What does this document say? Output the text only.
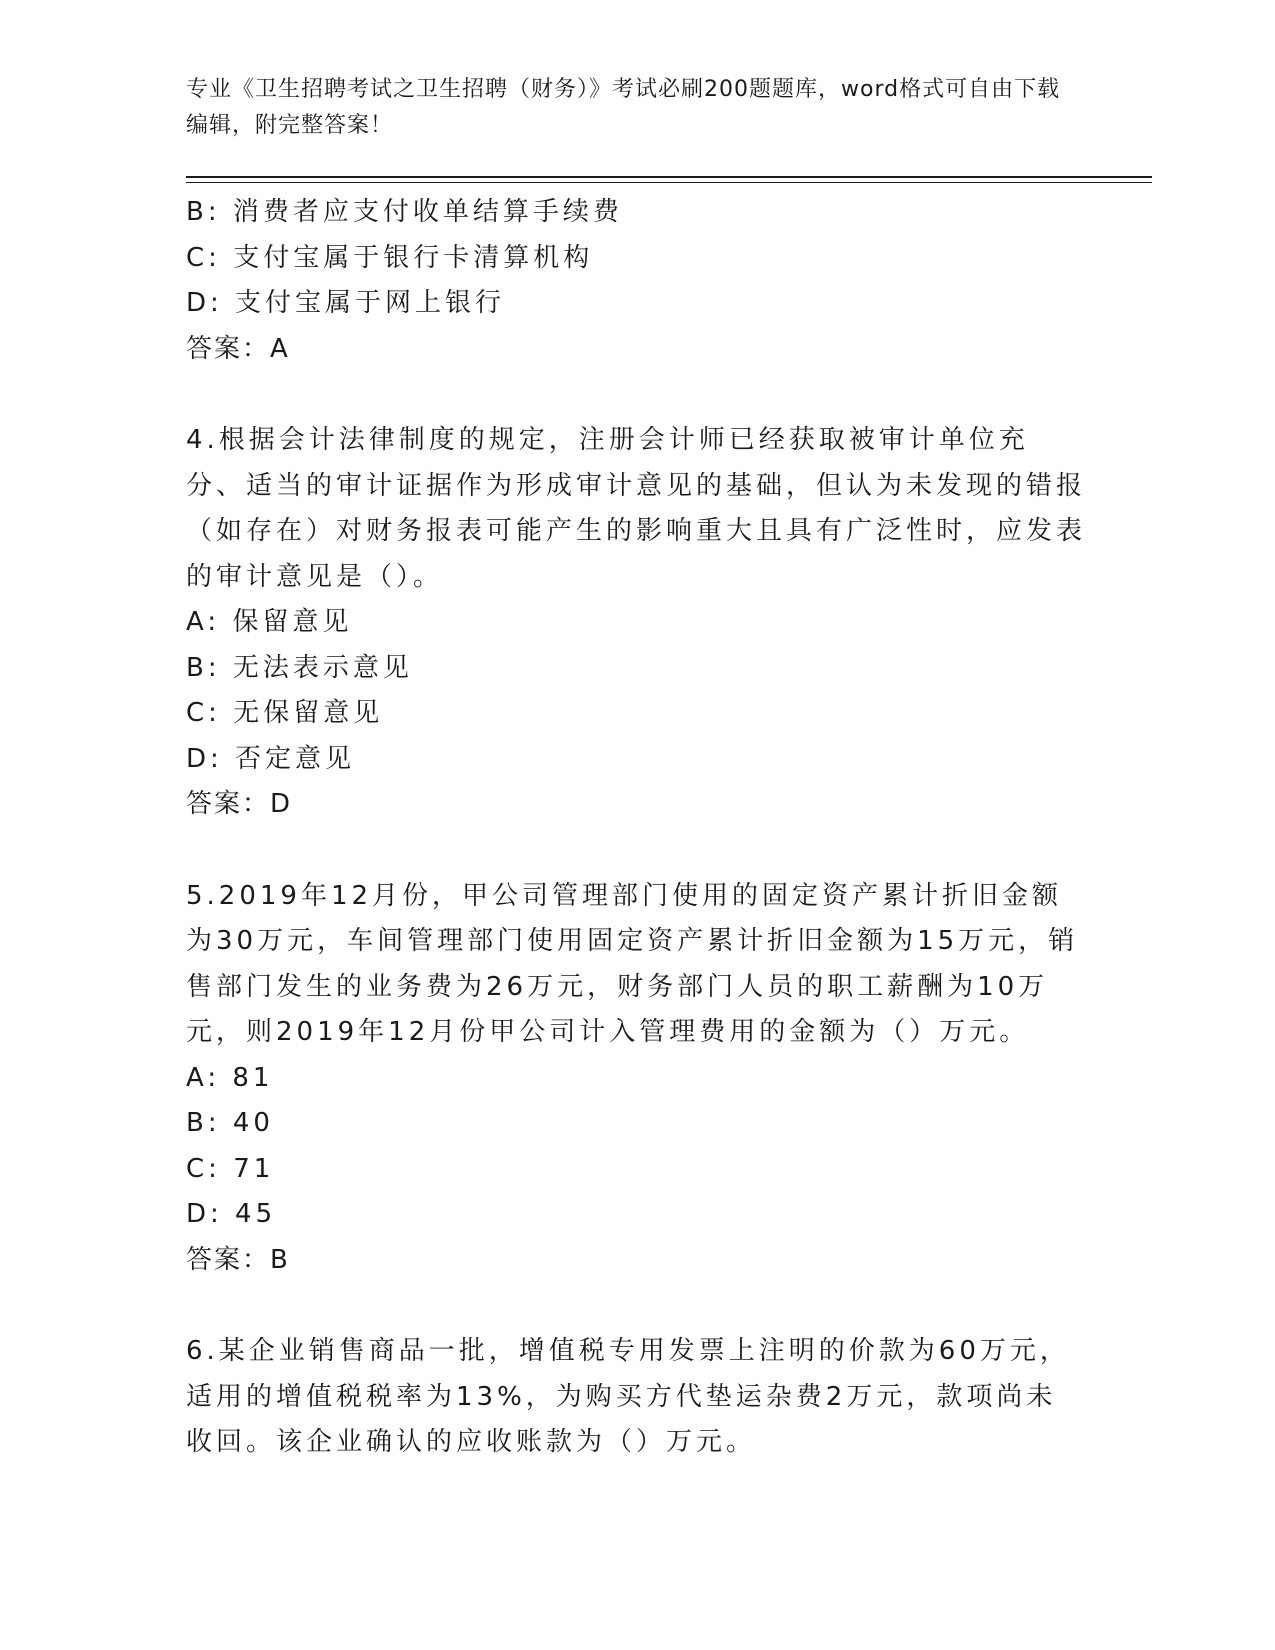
专业《卫生招聘考试之卫生招聘（财务）》考试必刷200题题库，word格式可自由下载编辑，附完整答案！
B: 消费者应支付收单结算手续费
C: 支付宝属于银行卡清算机构
D: 支付宝属于网上银行
答案：A
4.根据会计法律制度的规定，注册会计师已经获取被审计单位充分、适当的审计证据作为形成审计意见的基础，但认为未发现的错报（如存在）对财务报表可能产生的影响重大且具有广泛性时，应发表的审计意见是（）。
A: 保留意见
B: 无法表示意见
C: 无保留意见
D: 否定意见
答案：D
5.2019年12月份，甲公司管理部门使用的固定资产累计折旧金额为30万元，车间管理部门使用固定资产累计折旧金额为15万元，销售部门发生的业务费为26万元，财务部门人员的职工薪酬为10万元，则2019年12月份甲公司计入管理费用的金额为（）万元。
A: 81
B: 40
C: 71
D: 45
答案：B
6.某企业销售商品一批，增值税专用发票上注明的价款为60万元，适用的增值税税率为13%，为购买方代垫运杂费2万元，款项尚未收回。该企业确认的应收账款为（）万元。
